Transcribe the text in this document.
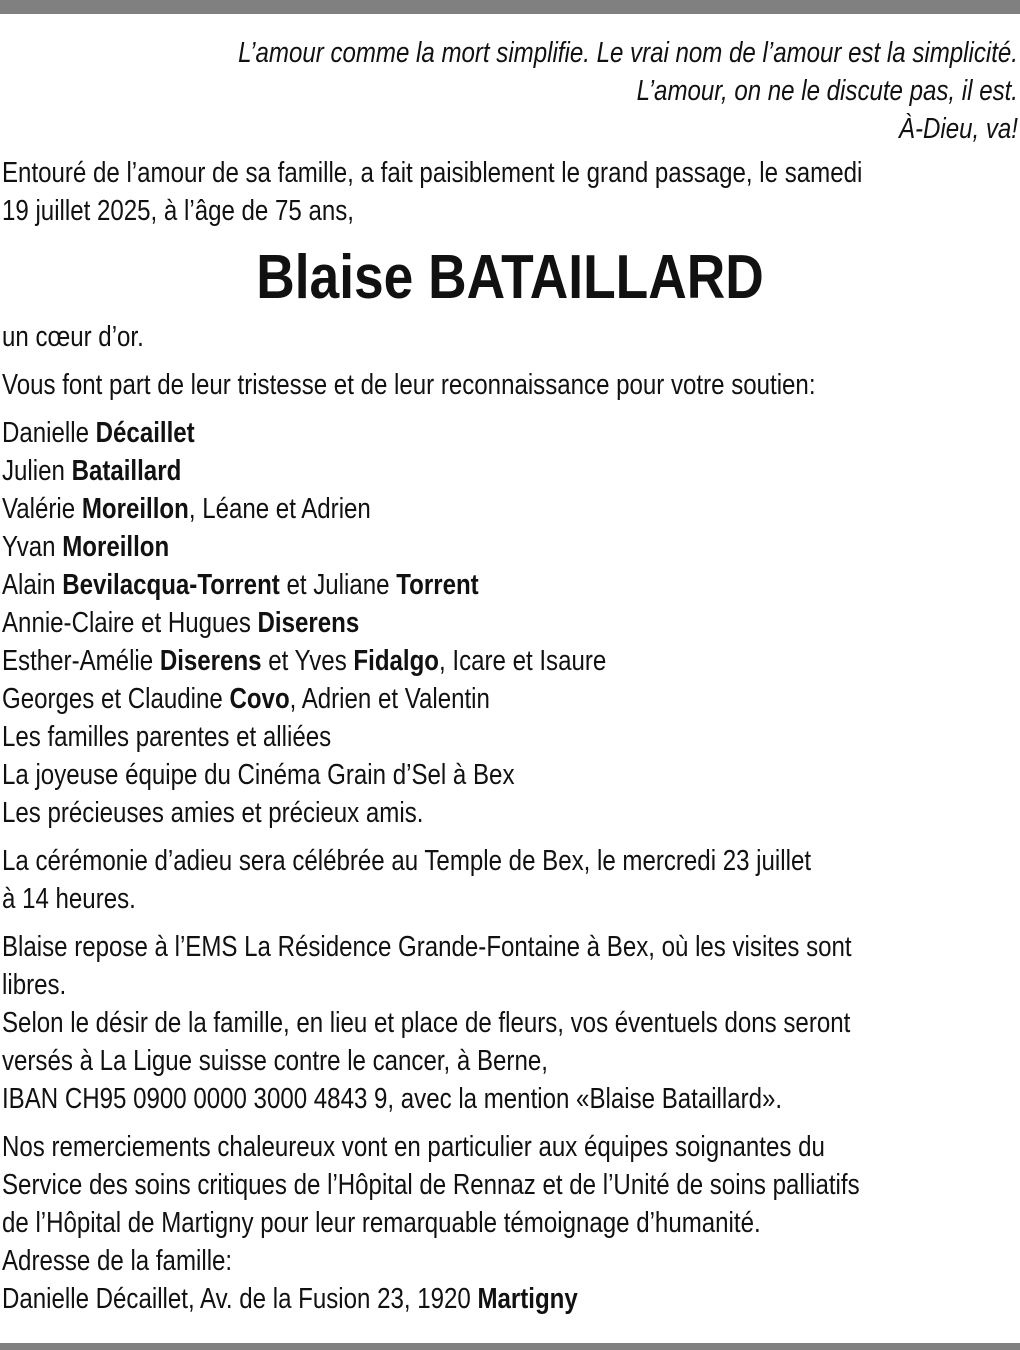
L’amour comme la mort simplifie. Le vrai nom de l’amour est la simplicité.
L’amour, on ne le discute pas, il est.
À-Dieu, va!
Entouré de l’amour de sa famille, a fait paisiblement le grand passage, le samedi
19 juillet 2025, à l’âge de 75 ans,
Blaise BATAILLARD
un cœur d’or.
Vous font part de leur tristesse et de leur reconnaissance pour votre soutien:
Danielle Décaillet
Julien Bataillard
Valérie Moreillon, Léane et Adrien
Yvan Moreillon
Alain Bevilacqua-Torrent et Juliane Torrent
Annie-Claire et Hugues Diserens
Esther-Amélie Diserens et Yves Fidalgo, Icare et Isaure
Georges et Claudine Covo, Adrien et Valentin
Les familles parentes et alliées
La joyeuse équipe du Cinéma Grain d’Sel à Bex
Les précieuses amies et précieux amis.
La cérémonie d’adieu sera célébrée au Temple de Bex, le mercredi 23 juillet
à 14 heures.
Blaise repose à l’EMS La Résidence Grande-Fontaine à Bex, où les visites sont
libres.
Selon le désir de la famille, en lieu et place de fleurs, vos éventuels dons seront
versés à La Ligue suisse contre le cancer, à Berne,
IBAN CH95 0900 0000 3000 4843 9, avec la mention «Blaise Bataillard».
Nos remerciements chaleureux vont en particulier aux équipes soignantes du
Service des soins critiques de l’Hôpital de Rennaz et de l’Unité de soins palliatifs
de l’Hôpital de Martigny pour leur remarquable témoignage d’humanité.
Adresse de la famille:
Danielle Décaillet, Av. de la Fusion 23, 1920 Martigny
